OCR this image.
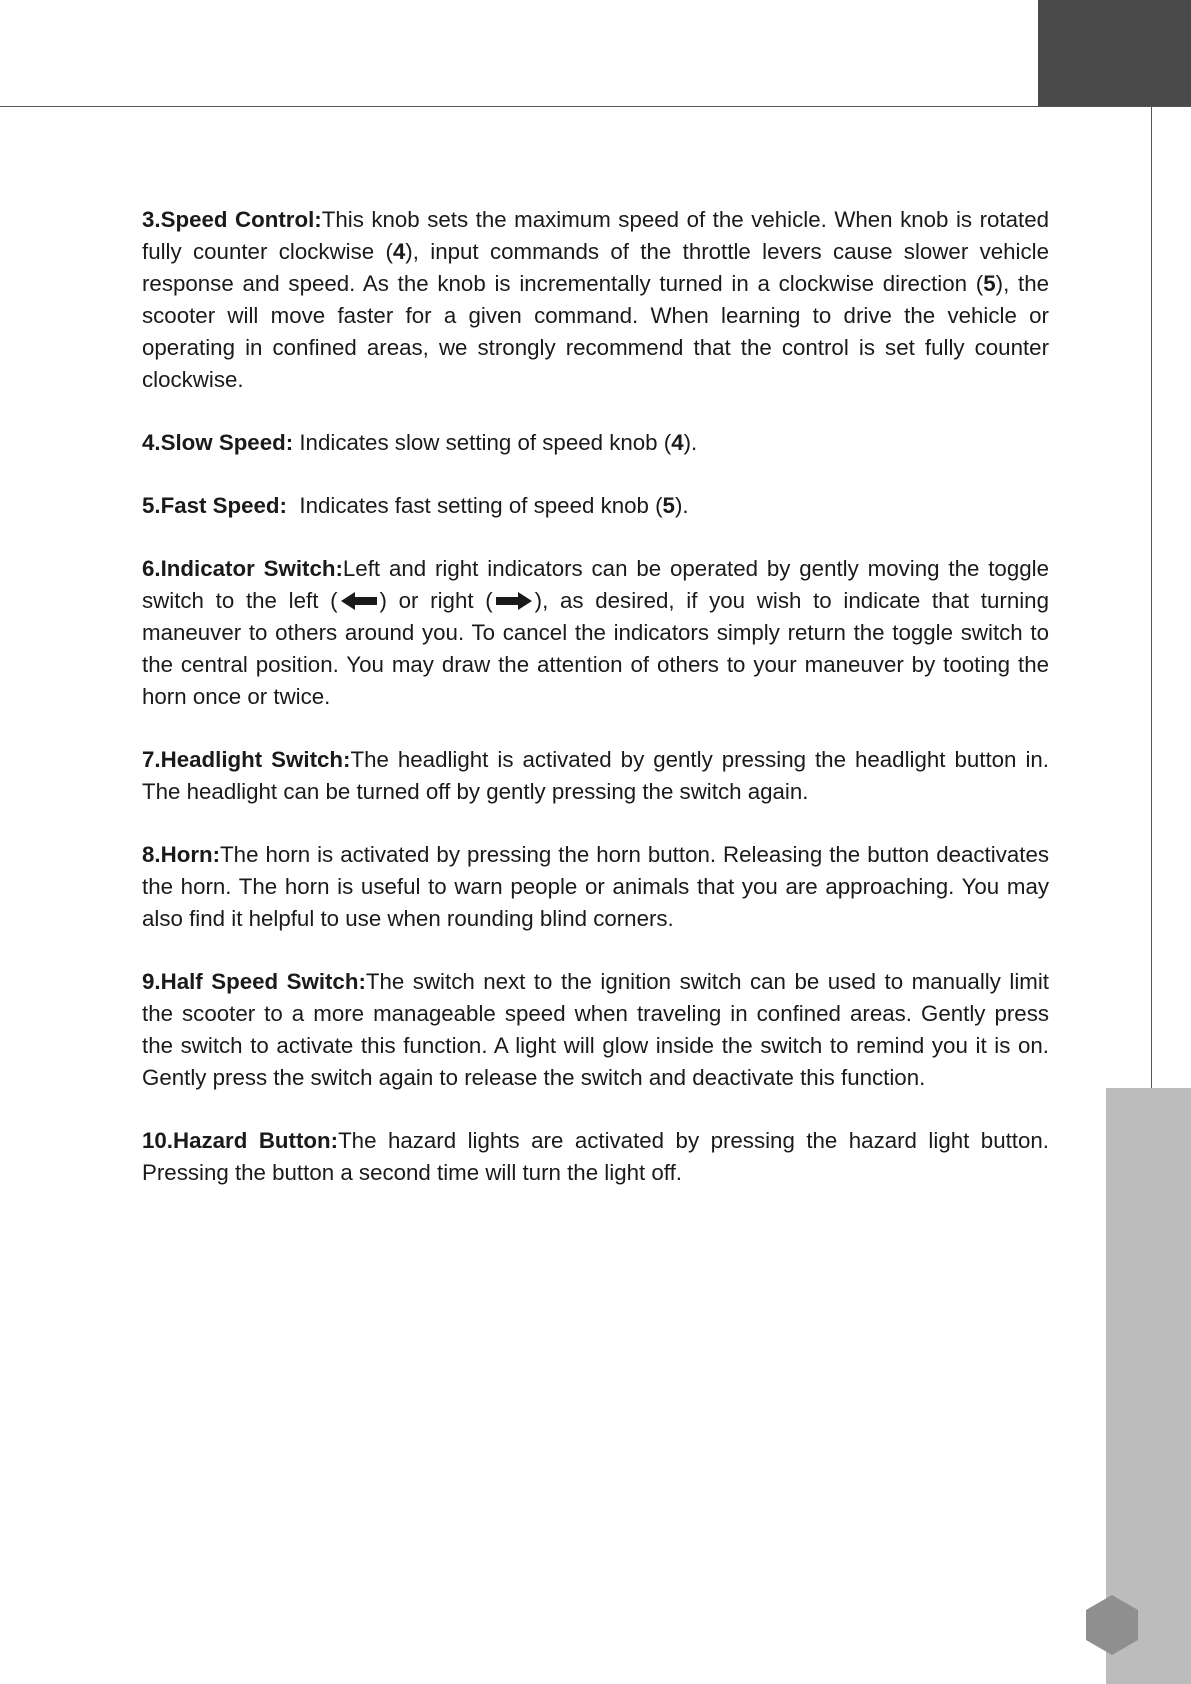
3.Speed Control:This knob sets the maximum speed of the vehicle. When knob is rotated fully counter clockwise (4), input commands of the throttle levers cause slower vehicle response and speed. As the knob is incrementally turned in a clockwise direction (5), the scooter will move faster for a given command. When learning to drive the vehicle or operating in confined areas, we strongly recommend that the control is set fully counter clockwise.

4.Slow Speed: Indicates slow setting of speed knob (4).

5.Fast Speed:  Indicates fast setting of speed knob (5).

6.Indicator Switch:Left and right indicators can be operated by gently moving the toggle switch to the left ( ) or right ( ), as desired, if you wish to indicate that turning maneuver to others around you. To cancel the indicators simply return the toggle switch to the central position. You may draw the attention of others to your maneuver by tooting the horn once or twice.

7.Headlight Switch:The headlight is activated by gently pressing the headlight button in. The headlight can be turned off by gently pressing the switch again.

8.Horn:The horn is activated by pressing the horn button. Releasing the button deactivates the horn. The horn is useful to warn people or animals that you are approaching. You may also find it helpful to use when rounding blind corners.

9.Half Speed Switch:The switch next to the ignition switch can be used to manually limit the scooter to a more manageable speed when traveling in confined areas. Gently press the switch to activate this function. A light will glow inside the switch to remind you it is on. Gently press the switch again to release the switch and deactivate this function.

10.Hazard Button:The hazard lights are activated by pressing the hazard light button. Pressing the button a second time will turn the light off.
